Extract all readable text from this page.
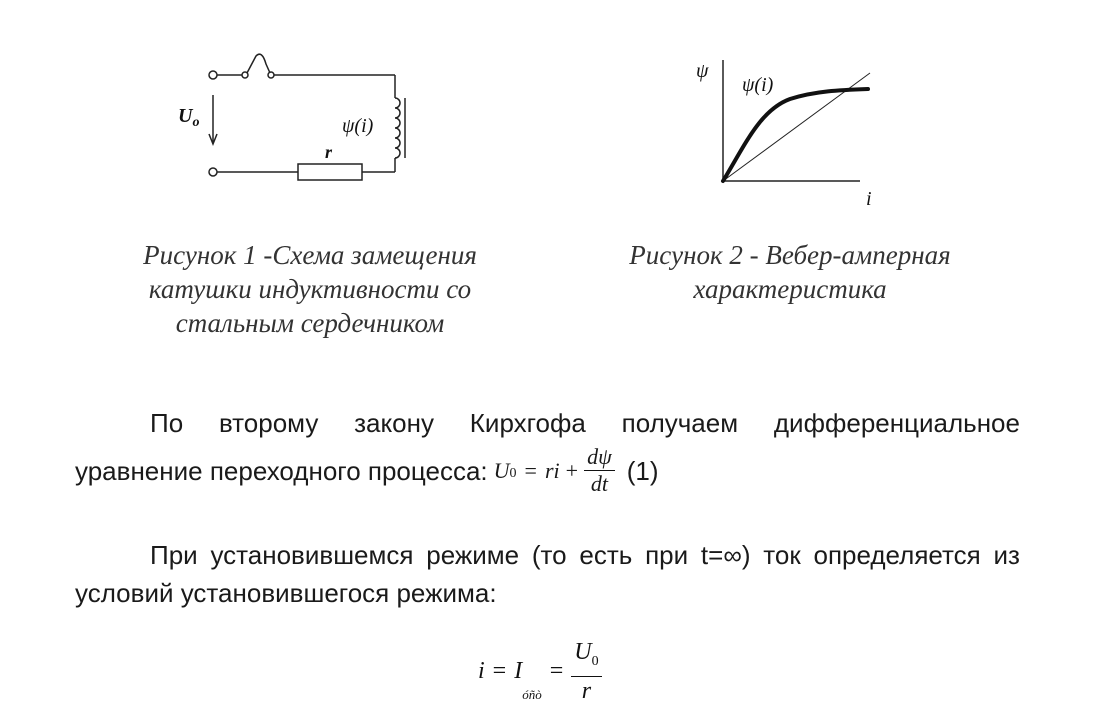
$U_o$
r
ψ(i)
Рисунок 1 -Схема замещения
катушки индуктивности со
стальным сердечником
ψ
i
ψ(i)
Рисунок 2 - Вебер-амперная
характеристика
По второму закону Кирхгофа получаем дифференциальное
уравнение переходного процесса: U 0 = ri + $\frac{d\psi}{dt} (1)$
При установившемся режиме (то есть при t=∞) ток определяется из
условий установившегося режима:
i = I
óñò
= $\frac{U_0}{r}$
